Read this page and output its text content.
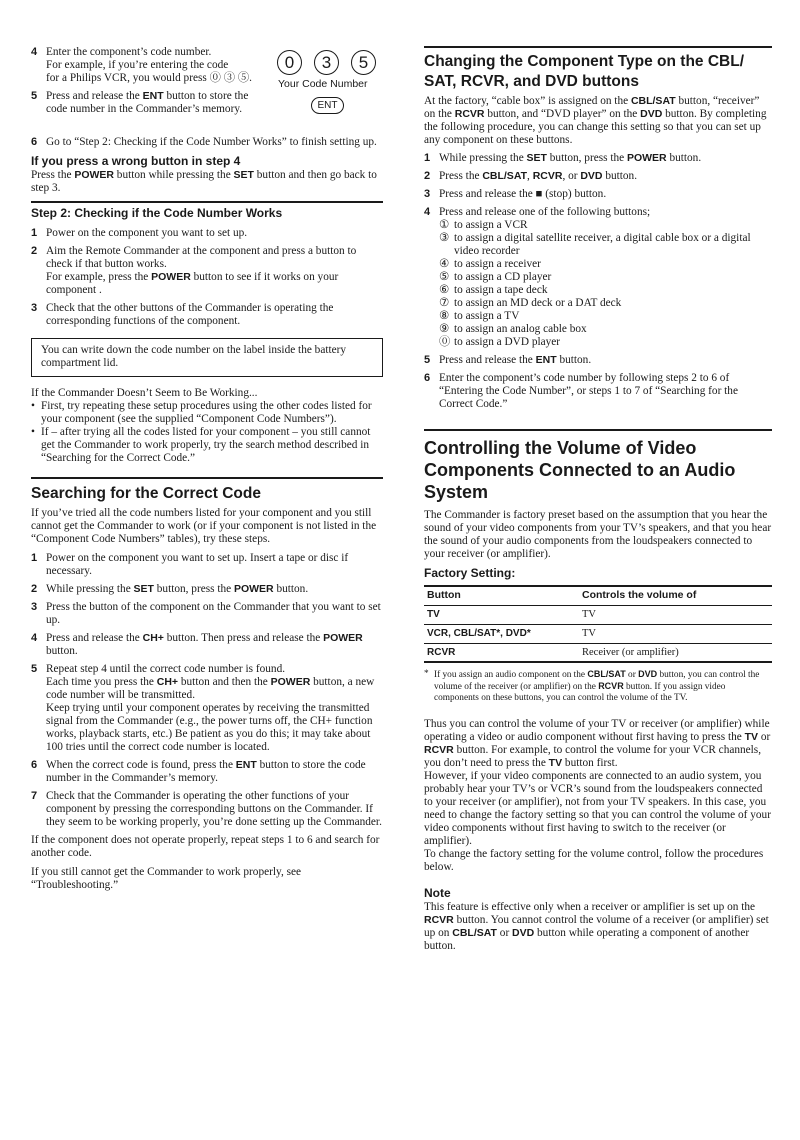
4 Enter the component’s code number.

For example, if you’re entering the code

for a Philips VCR, you would press ⓪ ③ ⑤.

0 3 5
Your Code Number
ENT
5 Press and release the ENT button to store the code number in the Commander’s memory.

6 Go to “Step 2: Checking if the Code Number Works” to finish setting up.

If you press a wrong button in step 4

Press the POWER button while pressing the SET button and then go back to step 3.

Step 2: Checking if the Code Number Works
1 Power on the component you want to set up.

2 Aim the Remote Commander at the component and press a button to check if that button works.

For example, press the POWER button to see if it works on your component .

3 Check that the other buttons of the Commander is operating the corresponding functions of the component.

You can write down the code number on the label inside the battery compartment lid.

If the Commander Doesn’t Seem to Be Working...

• First, try repeating these setup procedures using the other codes listed for your component (see the supplied “Component Code Numbers”).

• If – after trying all the codes listed for your component – you still cannot get the Commander to work properly, try the search method described in “Searching for the Correct Code.”

Searching for the Correct Code

If you’ve tried all the code numbers listed for your component and you still cannot get the Commander to work (or if your component is not listed in the “Component Code Numbers” tables), try these steps.

1 Power on the component you want to set up. Insert a tape or disc if necessary.

2 While pressing the SET button, press the POWER button.

3 Press the button of the component on the Commander that you want to set up.

4 Press and release the CH+ button. Then press and release the POWER button.

5 Repeat step 4 until the correct code number is found.

Each time you press the CH+ button and then the POWER button, a new code number will be transmitted.

Keep trying until your component operates by receiving the transmitted signal from the Commander (e.g., the power turns off, the CH+ function works, playback starts, etc.) Be patient as you do this; it may take about 100 tries until the correct code number is located.

6 When the correct code is found, press the ENT button to store the code number in the Commander’s memory.

7 Check that the Commander is operating the other functions of your component by pressing the corresponding buttons on the Commander. If they seem to be working properly, you’re done setting up the Commander.

If the component does not operate properly, repeat steps 1 to 6 and search for another code.

If you still cannot get the Commander to work properly, see “Troubleshooting.”

Changing the Component Type on the CBL/ SAT, RCVR, and DVD buttons

At the factory, “cable box” is assigned on the CBL/SAT button, “receiver” on the RCVR button, and “DVD player” on the DVD button. By completing the following procedure, you can change this setting so that you can set up any component on these buttons.

1 While pressing the SET button, press the POWER button.

2 Press the CBL/SAT, RCVR, or DVD button.

3 Press and release the ■ (stop) button.

4 Press and release one of the following buttons;

① to assign a VCR
③ to assign a digital satellite receiver, a digital cable box or a digital video recorder
④ to assign a receiver
⑤ to assign a CD player
⑥ to assign a tape deck
⑦ to assign an MD deck or a DAT deck
⑧ to assign a TV
⑨ to assign an analog cable box
⓪ to assign a DVD player
5 Press and release the ENT button.

6 Enter the component’s code number by following steps 2 to 6 of “Entering the Code Number”, or steps 1 to 7 of “Searching for the Correct Code.”

Controlling the Volume of Video Components Connected to an Audio System

The Commander is factory preset based on the assumption that you hear the sound of your video components from your TV’s speakers, and that you hear the sound of your audio components from the loudspeakers connected to your receiver (or amplifier).

Factory Setting:
Button	Controls the volume of
TV	TV
VCR, CBL/SAT*, DVD*	TV
RCVR	Receiver (or amplifier)
* If you assign an audio component on the CBL/SAT or DVD button, you can control the volume of the receiver (or amplifier) on the RCVR button. If you assign video components on these buttons, you can control the volume of the TV.

Thus you can control the volume of your TV or receiver (or amplifier) while operating a video or audio component without first having to press the TV or RCVR button. For example, to control the volume for your VCR channels, you don’t need to press the TV button first.

However, if your video components are connected to an audio system, you probably hear your TV’s or VCR’s sound from the loudspeakers connected to your receiver (or amplifier), not from your TV speakers. In this case, you need to change the factory setting so that you can control the volume of your video components without first having to switch to the receiver (or amplifier).

To change the factory setting for the volume control, follow the procedures below.

Note

This feature is effective only when a receiver or amplifier is set up on the RCVR button. You cannot control the volume of a receiver (or amplifier) set up on CBL/SAT or DVD button while operating a component of another button.
